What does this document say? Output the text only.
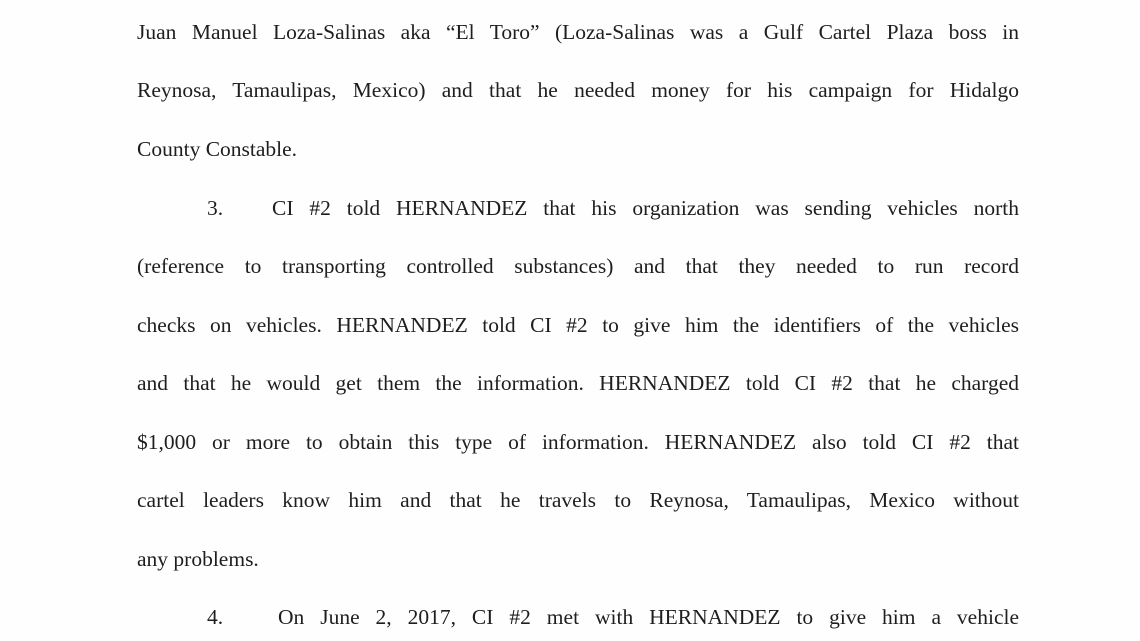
Juan Manuel Loza-Salinas aka “El Toro” (Loza-Salinas was a Gulf Cartel Plaza boss in
Reynosa, Tamaulipas, Mexico) and that he needed money for his campaign for Hidalgo
County Constable.
3. CI #2 told HERNANDEZ that his organization was sending vehicles north
(reference to transporting controlled substances) and that they needed to run record
checks on vehicles. HERNANDEZ told CI #2 to give him the identifiers of the vehicles
and that he would get them the information. HERNANDEZ told CI #2 that he charged
$1,000 or more to obtain this type of information. HERNANDEZ also told CI #2 that
cartel leaders know him and that he travels to Reynosa, Tamaulipas, Mexico without
any problems.
4.	On June 2, 2017, CI #2 met with HERNANDEZ to give him a vehicle
